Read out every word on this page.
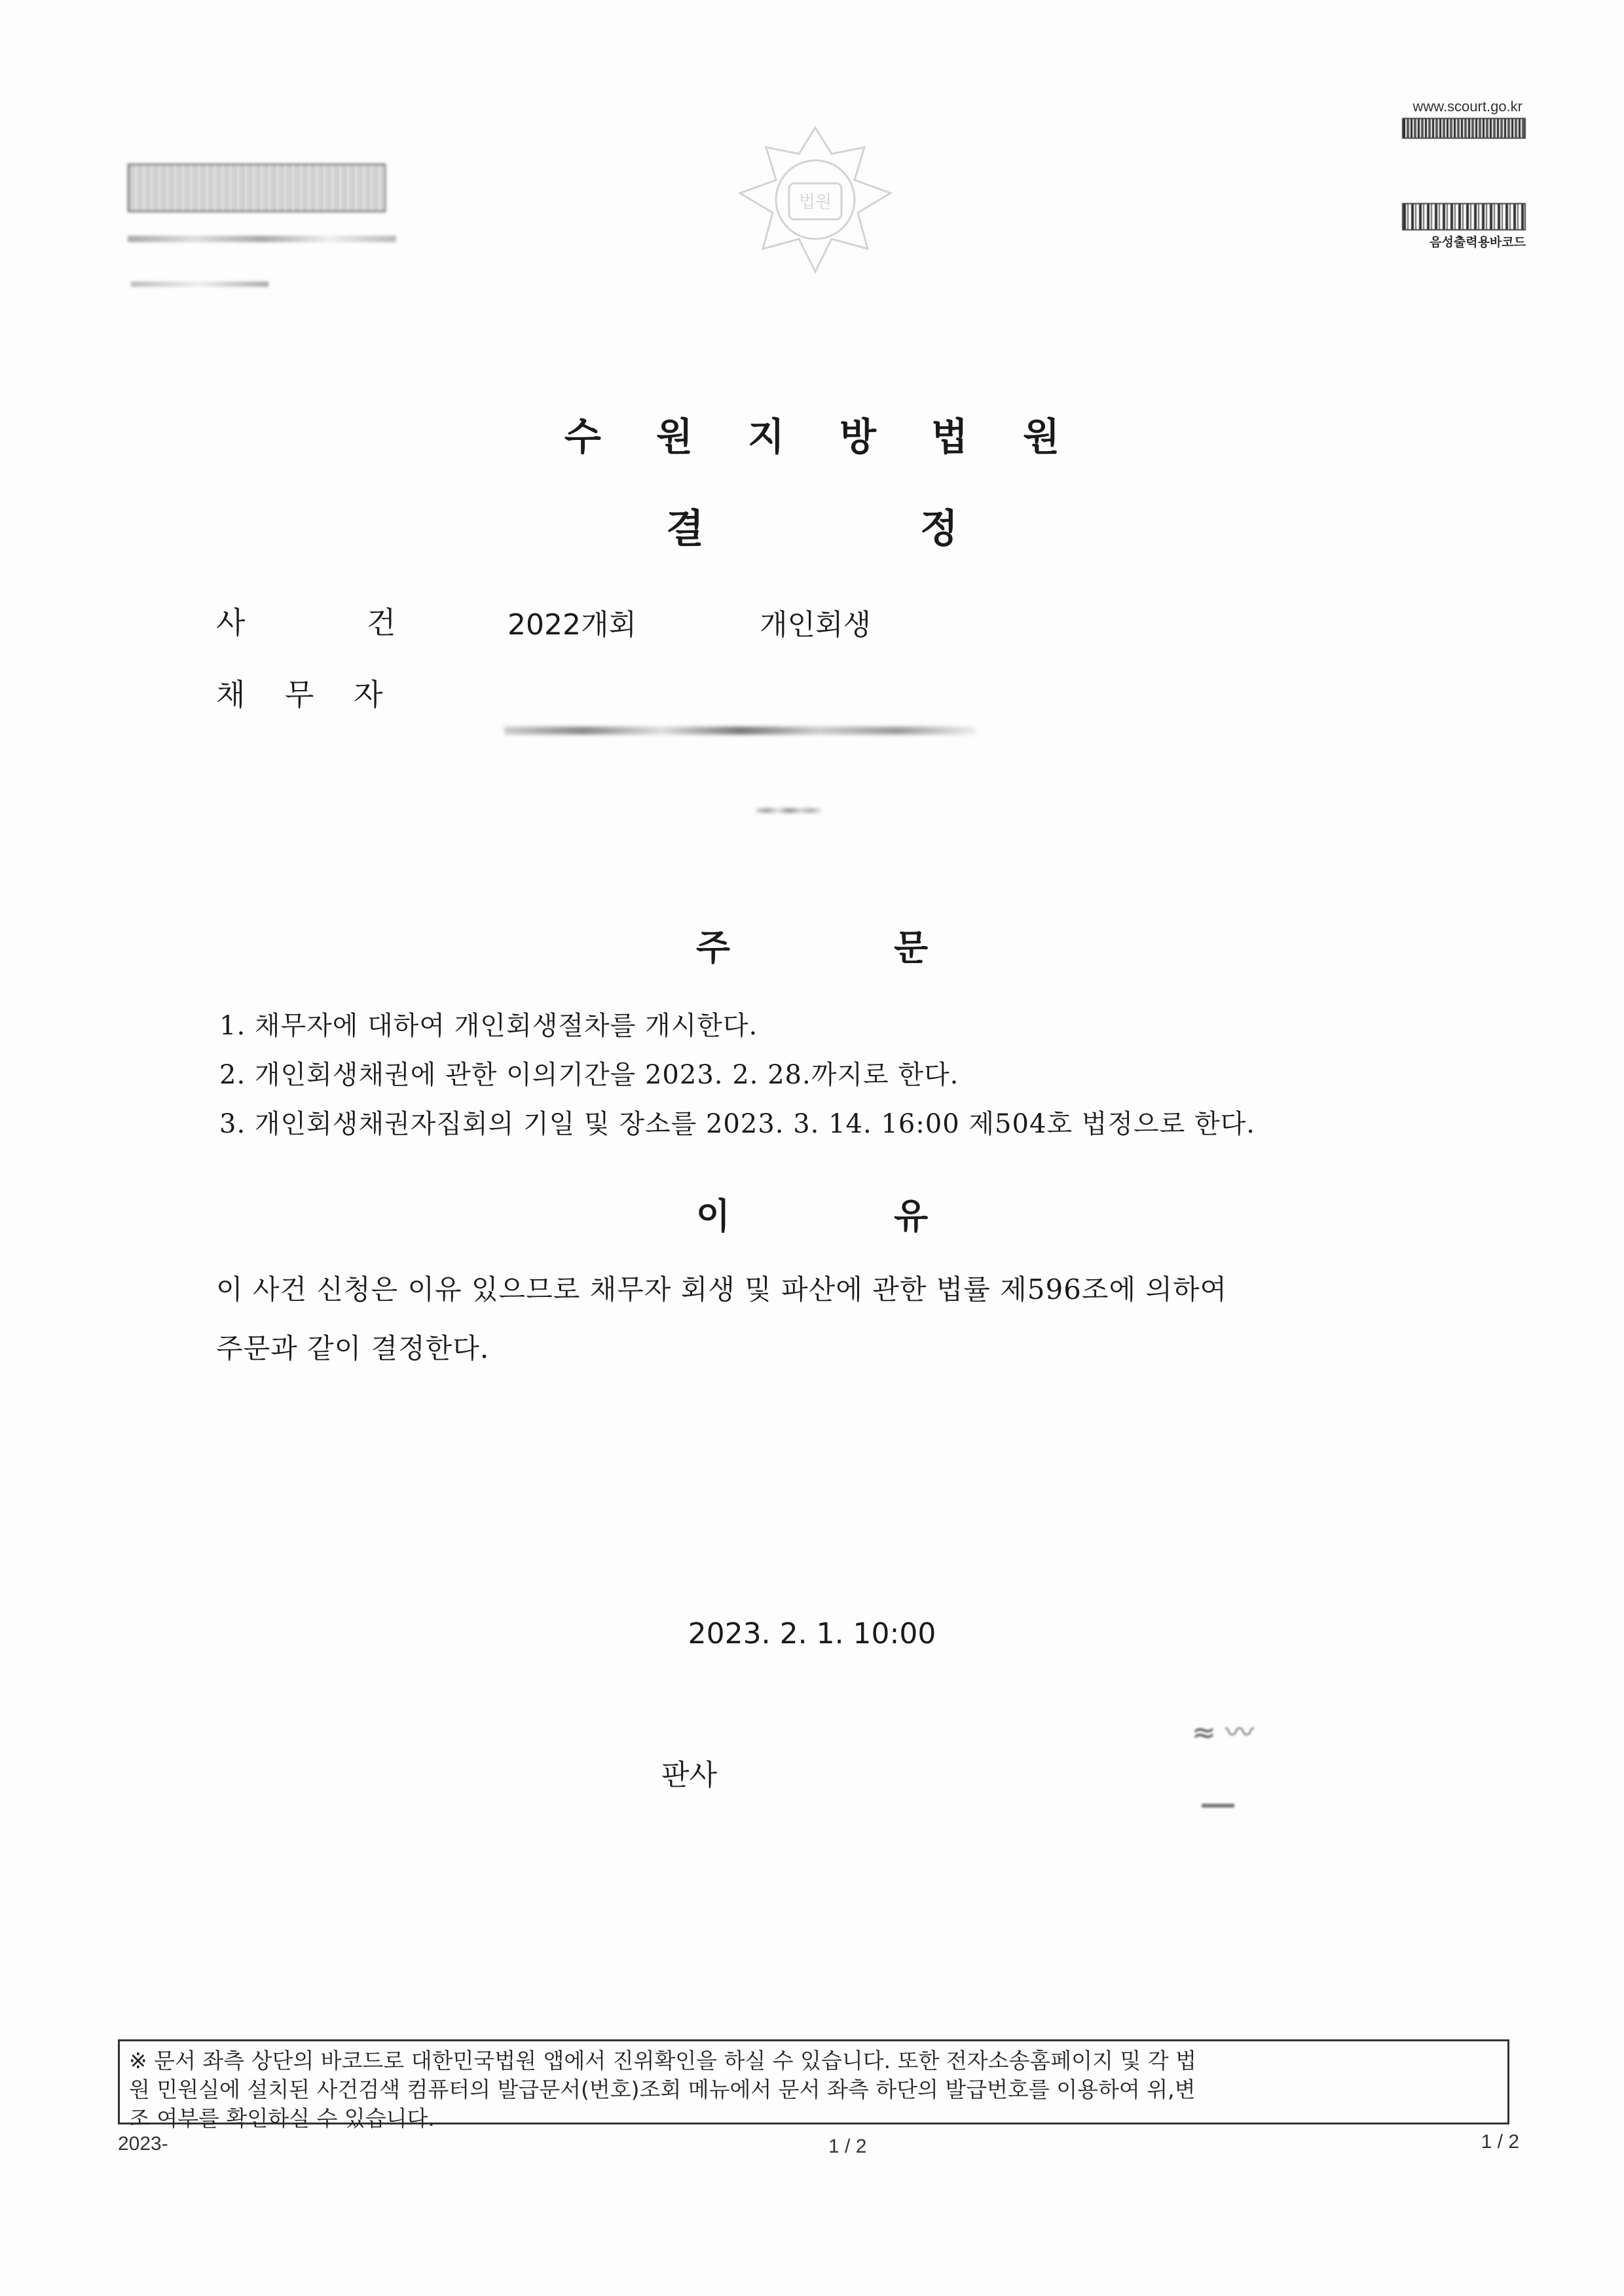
법원
www.scourt.go.kr
음성출력용바코드
수 원 지 방 법 원
결	정
사	건	2022개회	개인회생
채 무 자
주	문
1. 채무자에 대하여 개인회생절차를 개시한다.
2. 개인회생채권에 관한 이의기간을 2023. 2. 28.까지로 한다.
3. 개인회생채권자집회의 기일 및 장소를 2023. 3. 14. 16:00 제504호 법정으로 한다.
이	유
이 사건 신청은 이유 있으므로 채무자 회생 및 파산에 관한 법률 제596조에 의하여
주문과 같이 결정한다.
2023. 2. 1. 10:00
판사
≈ 〰
※ 문서 좌측 상단의 바코드로 대한민국법원 앱에서 진위확인을 하실 수 있습니다. 또한 전자소송홈페이지 및 각 법
원 민원실에 설치된 사건검색 컴퓨터의 발급문서(번호)조회 메뉴에서 문서 좌측 하단의 발급번호를 이용하여 위,변
조 여부를 확인하실 수 있습니다.
2023-	1 / 2	1 / 2
